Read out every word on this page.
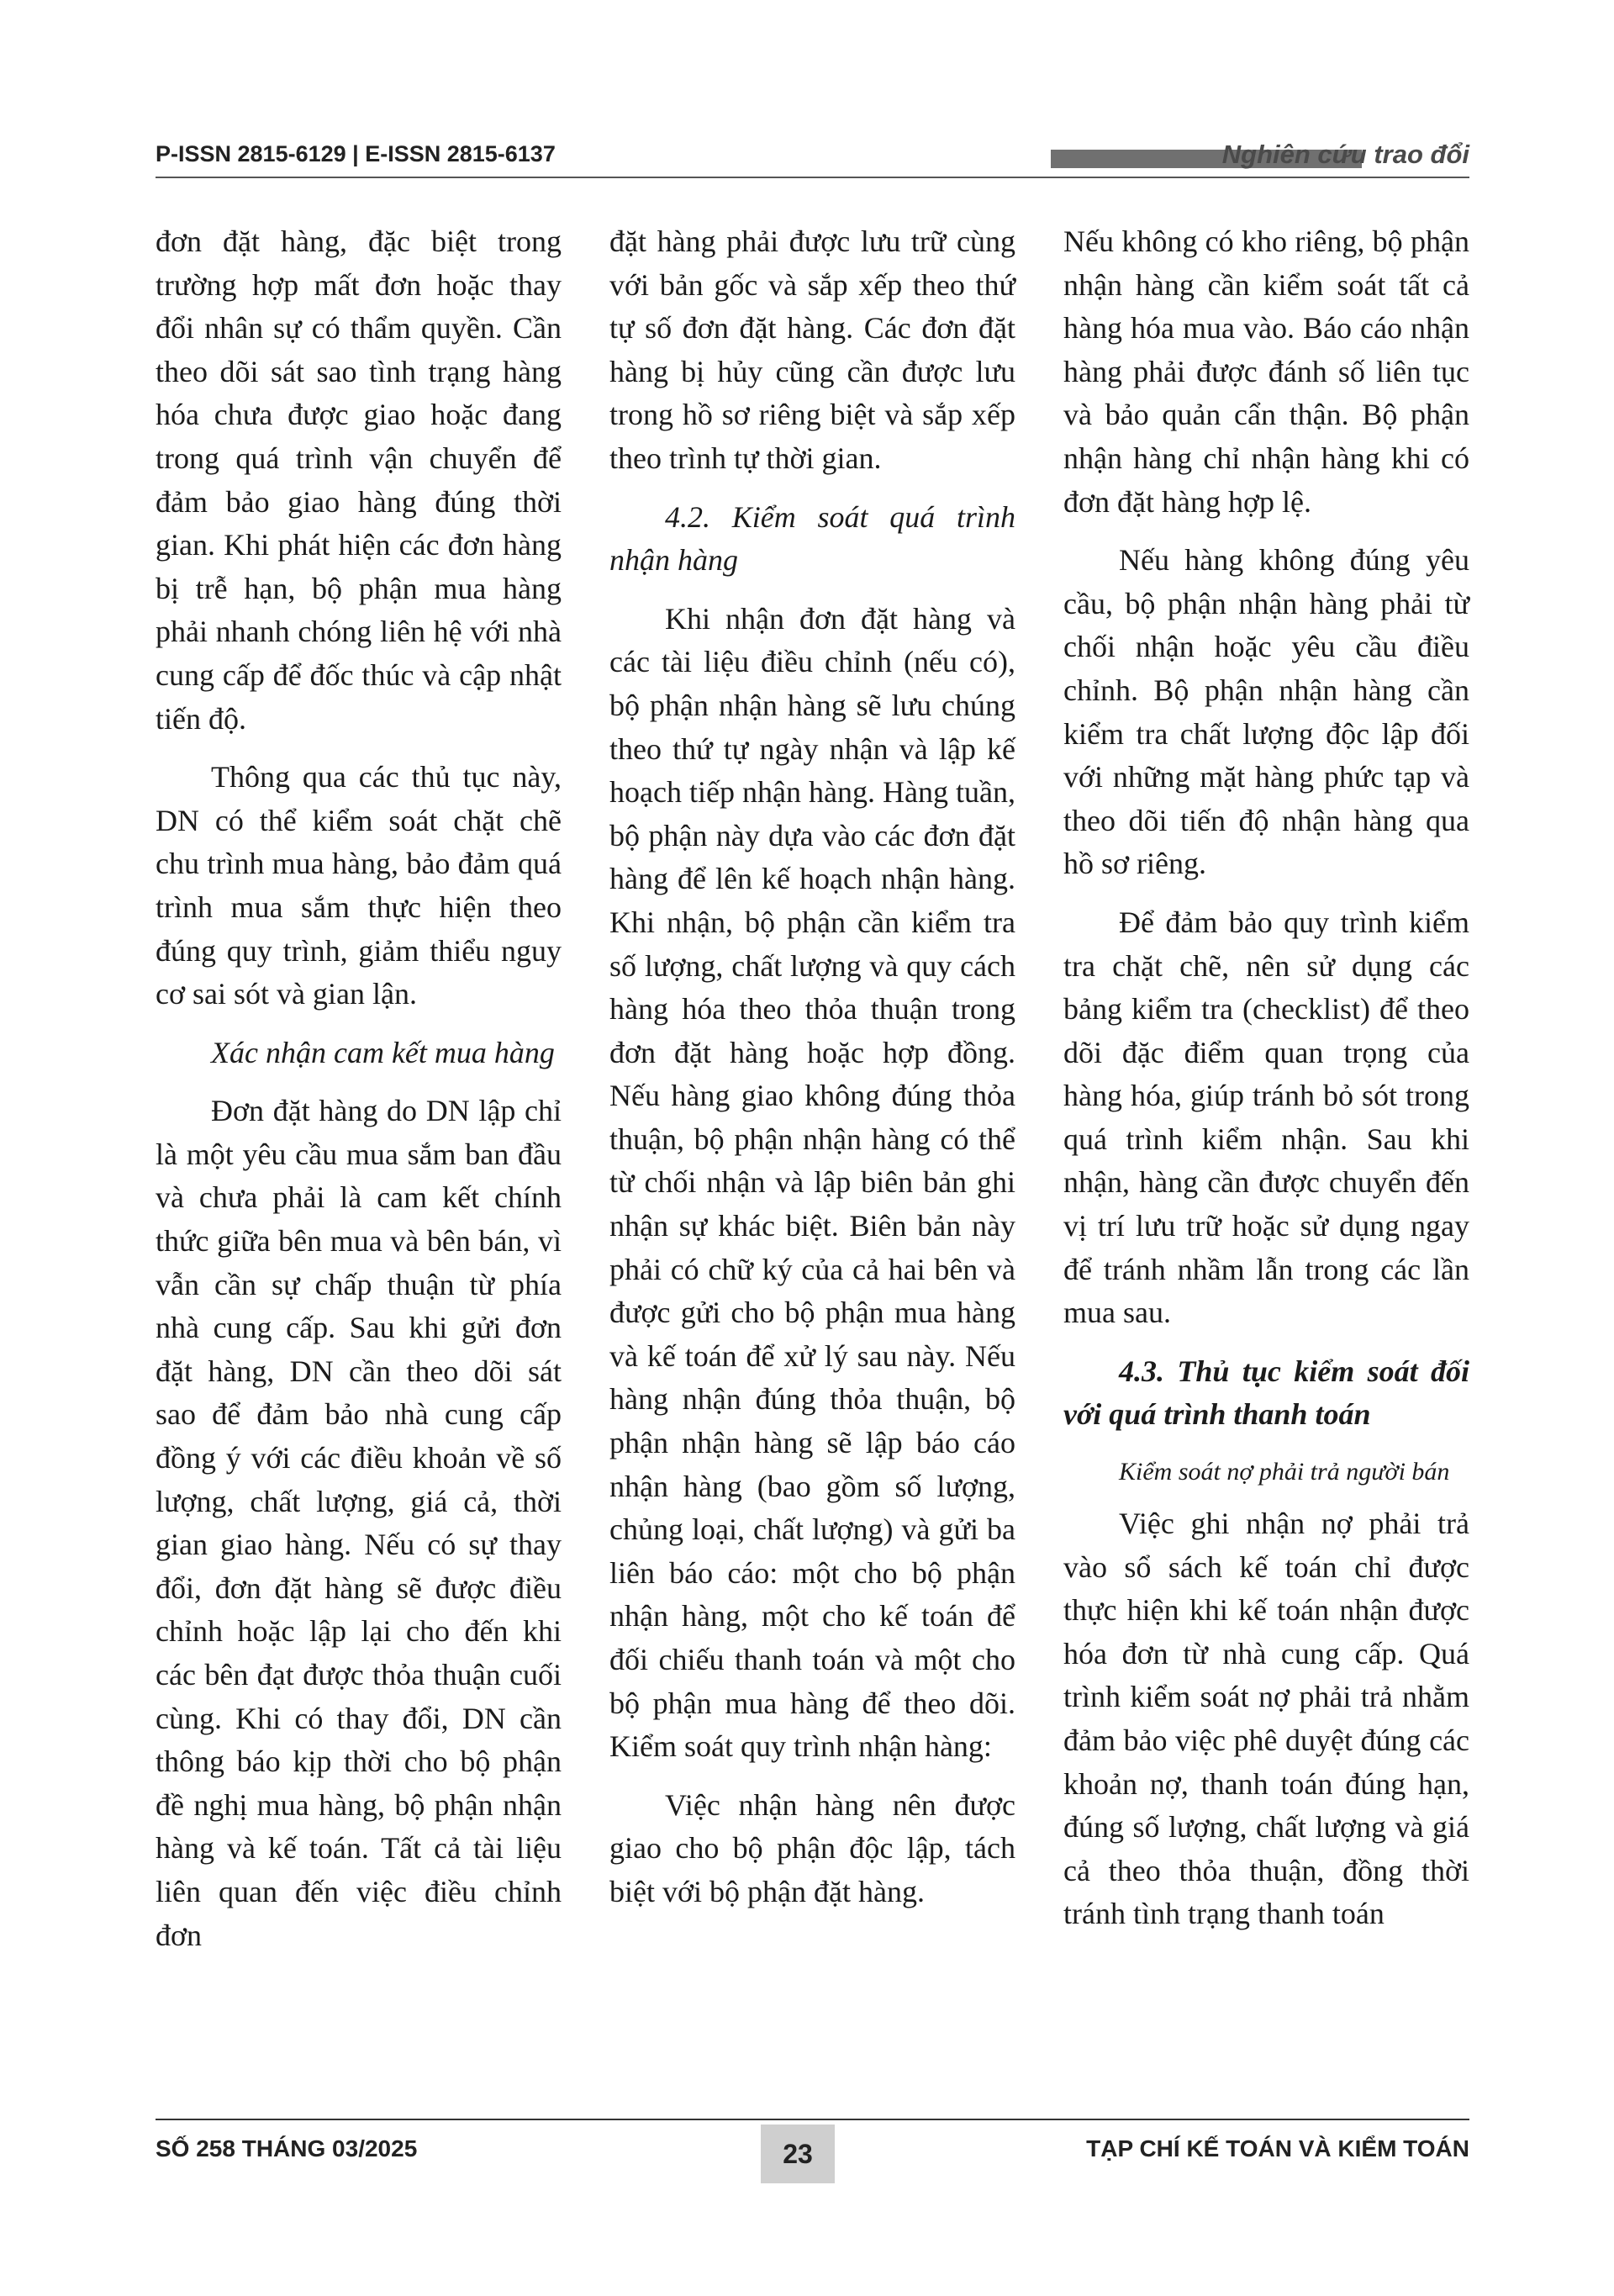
P-ISSN 2815-6129 | E-ISSN 2815-6137	Nghiên cứu trao đổi

đơn đặt hàng, đặc biệt trong trường hợp mất đơn hoặc thay đổi nhân sự có thẩm quyền. Cần theo dõi sát sao tình trạng hàng hóa chưa được giao hoặc đang trong quá trình vận chuyển để đảm bảo giao hàng đúng thời gian. Khi phát hiện các đơn hàng bị trễ hạn, bộ phận mua hàng phải nhanh chóng liên hệ với nhà cung cấp để đốc thúc và cập nhật tiến độ.

Thông qua các thủ tục này, DN có thể kiểm soát chặt chẽ chu trình mua hàng, bảo đảm quá trình mua sắm thực hiện theo đúng quy trình, giảm thiểu nguy cơ sai sót và gian lận.

Xác nhận cam kết mua hàng

Đơn đặt hàng do DN lập chỉ là một yêu cầu mua sắm ban đầu và chưa phải là cam kết chính thức giữa bên mua và bên bán, vì vẫn cần sự chấp thuận từ phía nhà cung cấp. Sau khi gửi đơn đặt hàng, DN cần theo dõi sát sao để đảm bảo nhà cung cấp đồng ý với các điều khoản về số lượng, chất lượng, giá cả, thời gian giao hàng. Nếu có sự thay đổi, đơn đặt hàng sẽ được điều chỉnh hoặc lập lại cho đến khi các bên đạt được thỏa thuận cuối cùng. Khi có thay đổi, DN cần thông báo kịp thời cho bộ phận đề nghị mua hàng, bộ phận nhận hàng và kế toán. Tất cả tài liệu liên quan đến việc điều chỉnh đơn

đặt hàng phải được lưu trữ cùng với bản gốc và sắp xếp theo thứ tự số đơn đặt hàng. Các đơn đặt hàng bị hủy cũng cần được lưu trong hồ sơ riêng biệt và sắp xếp theo trình tự thời gian.

4.2. Kiểm soát quá trình nhận hàng

Khi nhận đơn đặt hàng và các tài liệu điều chỉnh (nếu có), bộ phận nhận hàng sẽ lưu chúng theo thứ tự ngày nhận và lập kế hoạch tiếp nhận hàng. Hàng tuần, bộ phận này dựa vào các đơn đặt hàng để lên kế hoạch nhận hàng. Khi nhận, bộ phận cần kiểm tra số lượng, chất lượng và quy cách hàng hóa theo thỏa thuận trong đơn đặt hàng hoặc hợp đồng. Nếu hàng giao không đúng thỏa thuận, bộ phận nhận hàng có thể từ chối nhận và lập biên bản ghi nhận sự khác biệt. Biên bản này phải có chữ ký của cả hai bên và được gửi cho bộ phận mua hàng và kế toán để xử lý sau này. Nếu hàng nhận đúng thỏa thuận, bộ phận nhận hàng sẽ lập báo cáo nhận hàng (bao gồm số lượng, chủng loại, chất lượng) và gửi ba liên báo cáo: một cho bộ phận nhận hàng, một cho kế toán để đối chiếu thanh toán và một cho bộ phận mua hàng để theo dõi. Kiểm soát quy trình nhận hàng:

Việc nhận hàng nên được giao cho bộ phận độc lập, tách biệt với bộ phận đặt hàng.

Nếu không có kho riêng, bộ phận nhận hàng cần kiểm soát tất cả hàng hóa mua vào. Báo cáo nhận hàng phải được đánh số liên tục và bảo quản cẩn thận. Bộ phận nhận hàng chỉ nhận hàng khi có đơn đặt hàng hợp lệ.

Nếu hàng không đúng yêu cầu, bộ phận nhận hàng phải từ chối nhận hoặc yêu cầu điều chỉnh. Bộ phận nhận hàng cần kiểm tra chất lượng độc lập đối với những mặt hàng phức tạp và theo dõi tiến độ nhận hàng qua hồ sơ riêng.

Để đảm bảo quy trình kiểm tra chặt chẽ, nên sử dụng các bảng kiểm tra (checklist) để theo dõi đặc điểm quan trọng của hàng hóa, giúp tránh bỏ sót trong quá trình kiểm nhận. Sau khi nhận, hàng cần được chuyển đến vị trí lưu trữ hoặc sử dụng ngay để tránh nhầm lẫn trong các lần mua sau.

4.3. Thủ tục kiểm soát đối với quá trình thanh toán

Kiểm soát nợ phải trả người bán

Việc ghi nhận nợ phải trả vào sổ sách kế toán chỉ được thực hiện khi kế toán nhận được hóa đơn từ nhà cung cấp. Quá trình kiểm soát nợ phải trả nhằm đảm bảo việc phê duyệt đúng các khoản nợ, thanh toán đúng hạn, đúng số lượng, chất lượng và giá cả theo thỏa thuận, đồng thời tránh tình trạng thanh toán

SỐ 258 THÁNG 03/2025	23	TẠP CHÍ KẾ TOÁN VÀ KIỂM TOÁN
